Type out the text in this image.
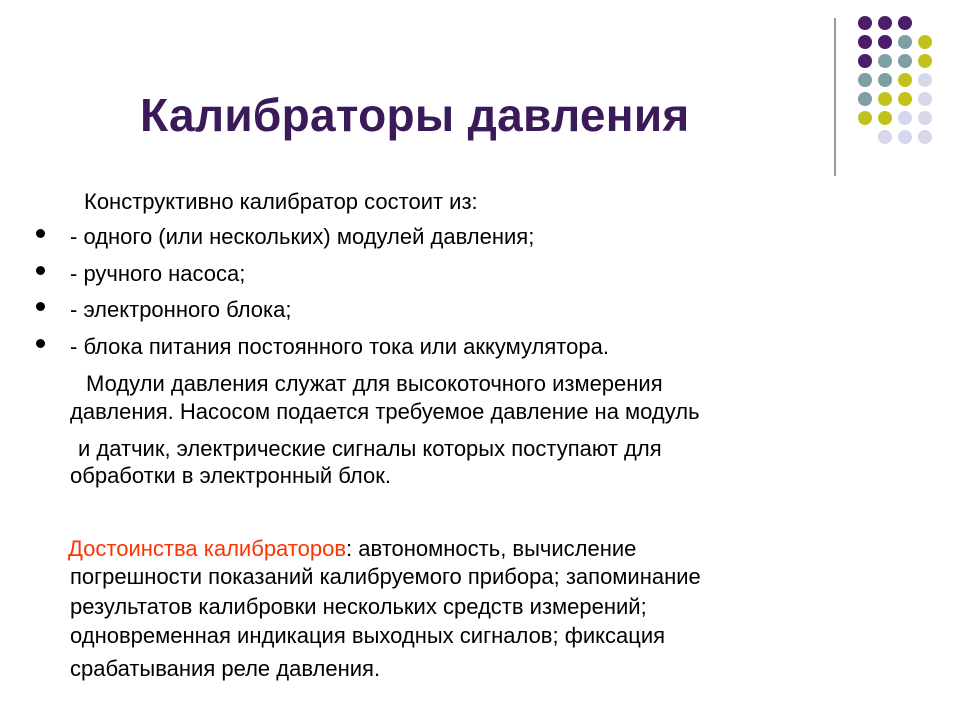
Калибраторы давления
Конструктивно калибратор состоит из:
- одного (или нескольких) модулей давления;
- ручного насоса;
- электронного блока;
- блока питания постоянного тока или аккумулятора.
Модули давления служат для высокоточного измерения
давления. Насосом подается требуемое давление на модуль
и датчик, электрические сигналы которых поступают для
обработки в электронный блок.
Достоинства калибраторов: автономность, вычисление
погрешности показаний калибруемого прибора; запоминание
результатов калибровки нескольких средств измерений;
одновременная индикация выходных сигналов; фиксация
срабатывания реле давления.
